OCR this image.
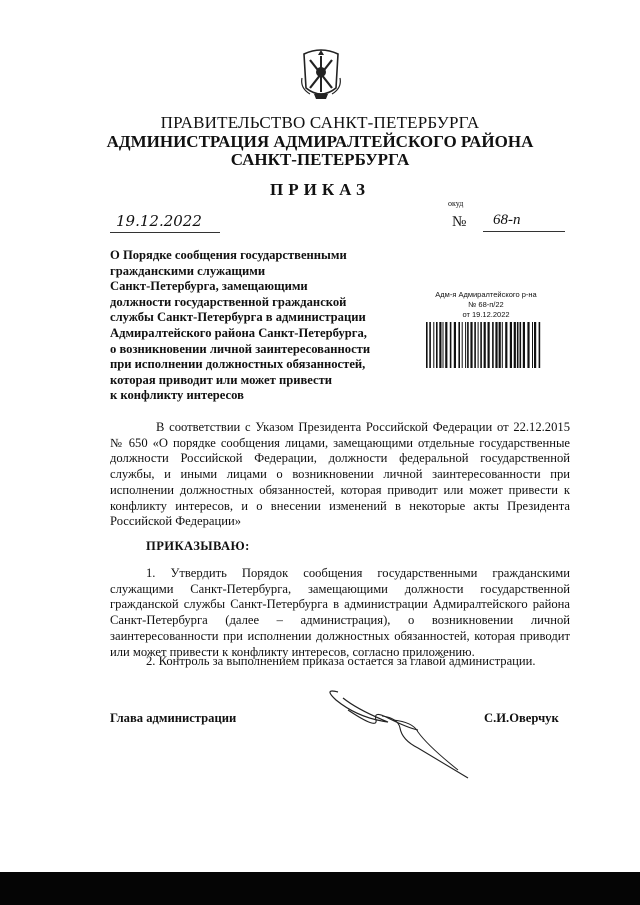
ПРАВИТЕЛЬСТВО САНКТ-ПЕТЕРБУРГА
АДМИНИСТРАЦИЯ АДМИРАЛТЕЙСКОГО РАЙОНА
САНКТ-ПЕТЕРБУРГА
ПРИКАЗ
окуд
19.12.2022	№	68-п
О Порядке сообщения государственными
гражданскими служащими
Санкт-Петербурга, замещающими
должности государственной гражданской
службы Санкт-Петербурга в администрации
Адмиралтейского района Санкт-Петербурга,
о возникновении личной заинтересованности
при исполнении должностных обязанностей,
которая приводит или может привести
к конфликту интересов
Адм-я Адмиралтейского р-на
№ 68-п/22
от 19.12.2022
В соответствии с Указом Президента Российской Федерации от 22.12.2015 № 650 «О порядке сообщения лицами, замещающими отдельные государственные должности Российской Федерации, должности федеральной государственной службы, и иными лицами о возникновении личной заинтересованности при исполнении должностных обязанностей, которая приводит или может привести к конфликту интересов, и о внесении изменений в некоторые акты Президента Российской Федерации»
ПРИКАЗЫВАЮ:
1. Утвердить Порядок сообщения государственными гражданскими служащими Санкт-Петербурга, замещающими должности государственной гражданской службы Санкт-Петербурга в администрации Адмиралтейского района Санкт-Петербурга (далее – администрация), о возникновении личной заинтересованности при исполнении должностных обязанностей, которая приводит или может привести к конфликту интересов, согласно приложению.
2. Контроль за выполнением приказа остается за главой администрации.
Глава администрации	С.И.Оверчук
